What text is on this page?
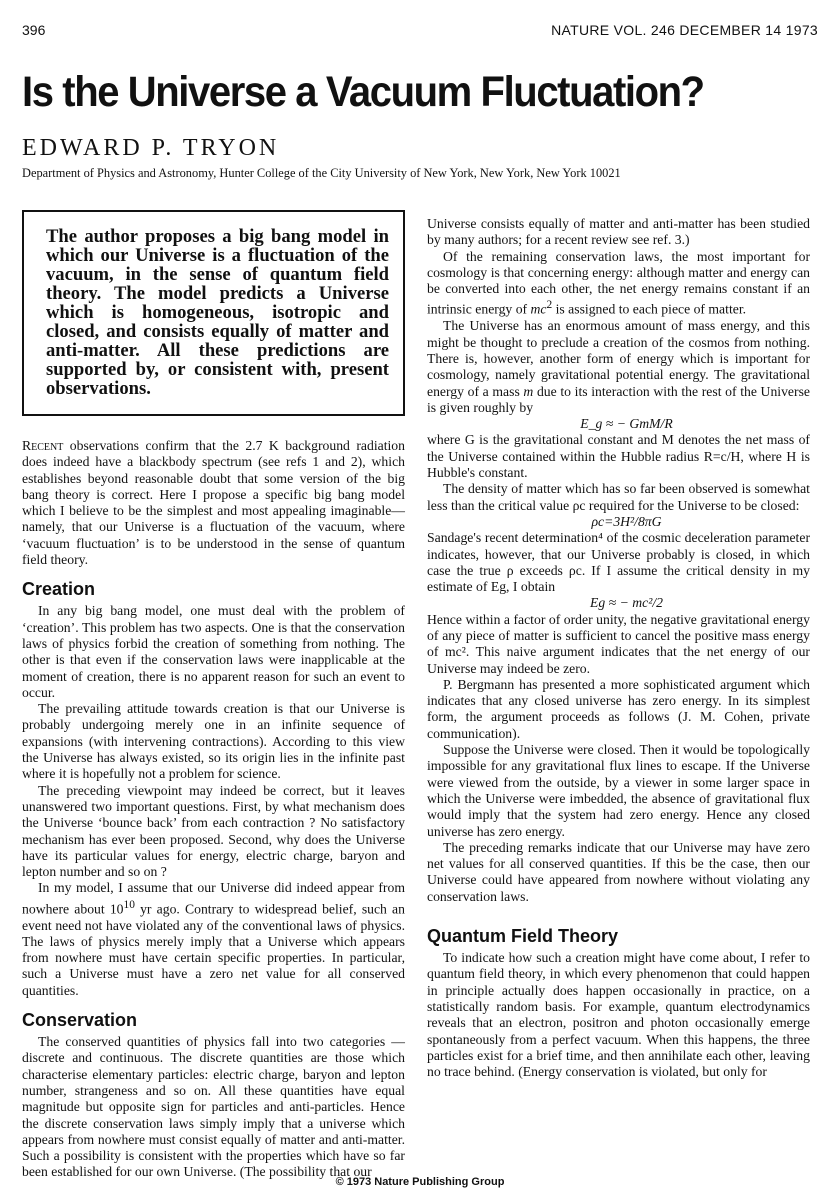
396	NATURE VOL. 246 DECEMBER 14 1973
Is the Universe a Vacuum Fluctuation?
EDWARD P. TRYON
Department of Physics and Astronomy, Hunter College of the City University of New York, New York, New York 10021
The author proposes a big bang model in which our Universe is a fluctuation of the vacuum, in the sense of quantum field theory. The model predicts a Universe which is homogeneous, isotropic and closed, and consists equally of matter and anti-matter. All these predictions are supported by, or consistent with, present observations.

Recent observations confirm that the 2.7 K background radiation does indeed have a blackbody spectrum (see refs 1 and 2), which establishes beyond reasonable doubt that some version of the big bang theory is correct. Here I propose a specific big bang model which I believe to be the simplest and most appealing imaginable—namely, that our Universe is a fluctuation of the vacuum, where ‘vacuum fluctuation’ is to be understood in the sense of quantum field theory.

Creation

In any big bang model, one must deal with the problem of ‘creation’. This problem has two aspects. One is that the conservation laws of physics forbid the creation of something from nothing. The other is that even if the conservation laws were inapplicable at the moment of creation, there is no apparent reason for such an event to occur.

The prevailing attitude towards creation is that our Universe is probably undergoing merely one in an infinite sequence of expansions (with intervening contractions). According to this view the Universe has always existed, so its origin lies in the infinite past where it is hopefully not a problem for science.

The preceding viewpoint may indeed be correct, but it leaves unanswered two important questions. First, by what mechanism does the Universe ‘bounce back’ from each contraction ? No satisfactory mechanism has ever been proposed. Second, why does the Universe have its particular values for energy, electric charge, baryon and lepton number and so on ?

In my model, I assume that our Universe did indeed appear from nowhere about $10^{10}$ yr ago. Contrary to widespread belief, such an event need not have violated any of the conventional laws of physics. The laws of physics merely imply that a Universe which appears from nowhere must have certain specific properties. In particular, such a Universe must have a zero net value for all conserved quantities.

Conservation

The conserved quantities of physics fall into two categories —discrete and continuous. The discrete quantities are those which characterise elementary particles: electric charge, baryon and lepton number, strangeness and so on. All these quantities have equal magnitude but opposite sign for particles and anti-particles. Hence the discrete conservation laws simply imply that a universe which appears from nowhere must consist equally of matter and anti-matter. Such a possibility is consistent with the properties which have so far been established for our own Universe. (The possibility that our

Universe consists equally of matter and anti-matter has been studied by many authors; for a recent review see ref. 3.)

Of the remaining conservation laws, the most important for cosmology is that concerning energy: although matter and energy can be converted into each other, the net energy remains constant if an intrinsic energy of $mc^2$ is assigned to each piece of matter.

The Universe has an enormous amount of mass energy, and this might be thought to preclude a creation of the cosmos from nothing. There is, however, another form of energy which is important for cosmology, namely gravitational potential energy. The gravitational energy of a mass m due to its interaction with the rest of the Universe is given roughly by

E_g ≈ − GmM/R

where G is the gravitational constant and M denotes the net mass of the Universe contained within the Hubble radius R=c/H, where H is Hubble's constant.

The density of matter which has so far been observed is somewhat less than the critical value ρc required for the Universe to be closed:

ρc=3H²/8πG

Sandage's recent determination⁴ of the cosmic deceleration parameter indicates, however, that our Universe probably is closed, in which case the true ρ exceeds ρc. If I assume the critical density in my estimate of Eg, I obtain

Eg ≈ − mc²/2

Hence within a factor of order unity, the negative gravitational energy of any piece of matter is sufficient to cancel the positive mass energy of mc². This naive argument indicates that the net energy of our Universe may indeed be zero.

P. Bergmann has presented a more sophisticated argument which indicates that any closed universe has zero energy. In its simplest form, the argument proceeds as follows (J. M. Cohen, private communication).

Suppose the Universe were closed. Then it would be topologically impossible for any gravitational flux lines to escape. If the Universe were viewed from the outside, by a viewer in some larger space in which the Universe were imbedded, the absence of gravitational flux would imply that the system had zero energy. Hence any closed universe has zero energy.

The preceding remarks indicate that our Universe may have zero net values for all conserved quantities. If this be the case, then our Universe could have appeared from nowhere without violating any conservation laws.

Quantum Field Theory

To indicate how such a creation might have come about, I refer to quantum field theory, in which every phenomenon that could happen in principle actually does happen occasionally in practice, on a statistically random basis. For example, quantum electrodynamics reveals that an electron, positron and photon occasionally emerge spontaneously from a perfect vacuum. When this happens, the three particles exist for a brief time, and then annihilate each other, leaving no trace behind. (Energy conservation is violated, but only for

© 1973 Nature Publishing Group
